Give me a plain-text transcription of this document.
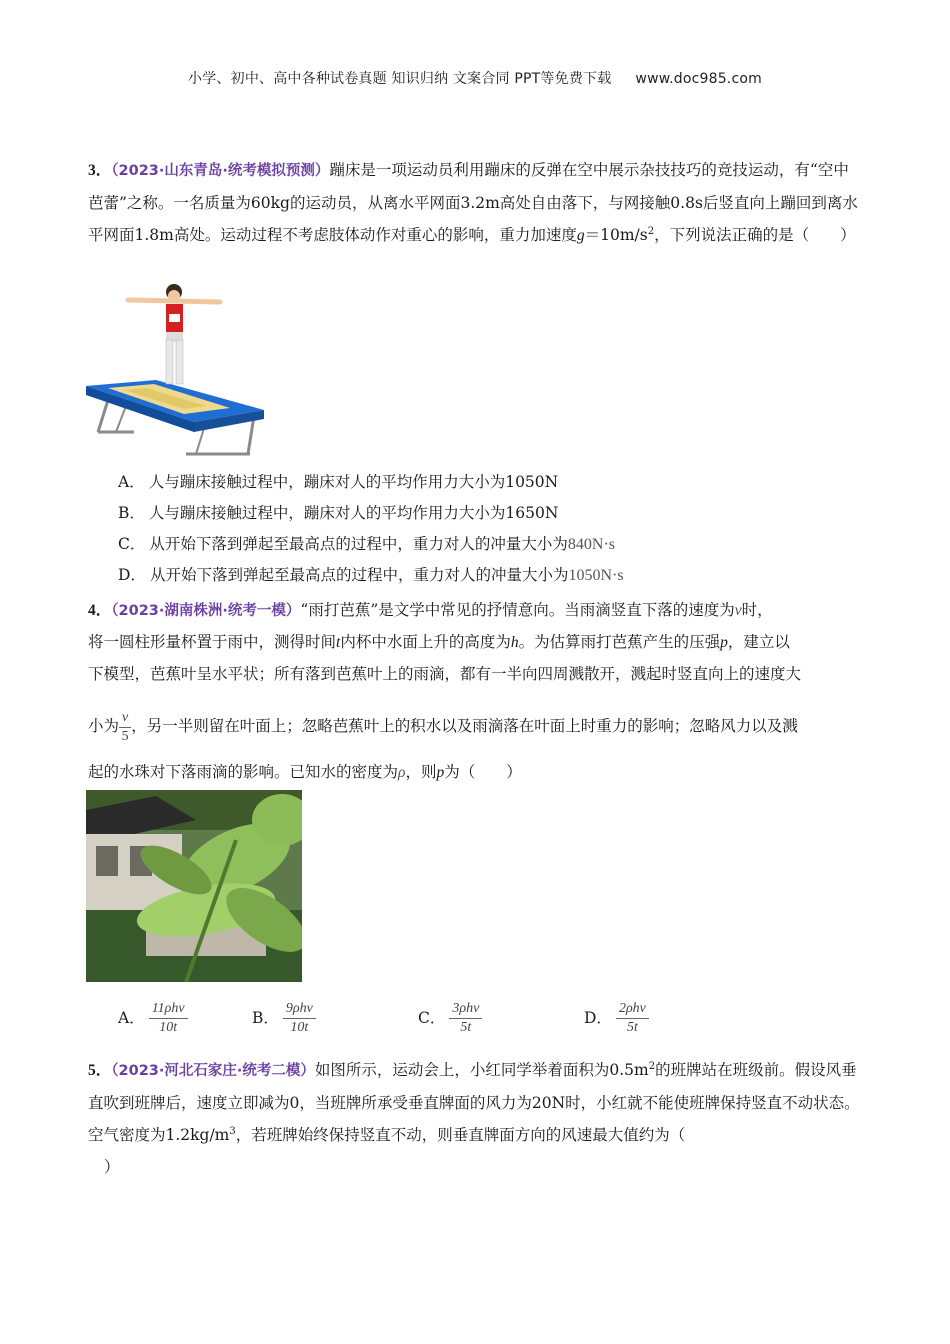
小学、初中、高中各种试卷真题 知识归纳 文案合同 PPT等免费下载 www.doc985.com
3．（2023·山东青岛·统考模拟预测）蹦床是一项运动员利用蹦床的反弹在空中展示杂技技巧的竞技运动，有“空中芭蕾”之称。一名质量为60kg的运动员，从离水平网面3.2m高处自由落下，与网接触0.8s后竖直向上蹦回到离水平网面1.8m高处。运动过程不考虑肢体动作对重心的影响，重力加速度$g=10m/s^2$，下列说法正确的是（　　）
A． 人与蹦床接触过程中，蹦床对人的平均作用力大小为1050N
B． 人与蹦床接触过程中，蹦床对人的平均作用力大小为1650N
C． 从开始下落到弹起至最高点的过程中，重力对人的冲量大小为840N·s
D． 从开始下落到弹起至最高点的过程中，重力对人的冲量大小为1050N·s
4．（2023·湖南株洲·统考一模）“雨打芭蕉”是文学中常见的抒情意向。当雨滴竖直下落的速度为v时，
将一圆柱形量杯置于雨中，测得时间t内杯中水面上升的高度为h。为估算雨打芭蕉产生的压强p，建立以
下模型，芭蕉叶呈水平状；所有落到芭蕉叶上的雨滴，都有一半向四周溅散开，溅起时竖直向上的速度大
小为 $\frac{v}{5}$ ，另一半则留在叶面上；忽略芭蕉叶上的积水以及雨滴落在叶面上时重力的影响；忽略风力以及溅
起的水珠对下落雨滴的影响。已知水的密度为ρ，则p为（　　）
A． $\frac{\text{11ρhv}}{10t}$	B． $\frac{\text{9ρhv}}{10t}$	C． $\frac{\text{3ρhv}}{5t}$	D． $\frac{\text{2ρhv}}{5t}$
5．（2023·河北石家庄·统考二模）如图所示，运动会上，小红同学举着面积为$0.5m^2$的班牌站在班级前。假设风垂直吹到班牌后，速度立即减为0，当班牌所承受垂直牌面的风力为20N时，小红就不能使班牌保持竖直不动状态。空气密度为$1.2kg/m^3$，若班牌始终保持竖直不动，则垂直牌面方向的风速最大值约为（
）
